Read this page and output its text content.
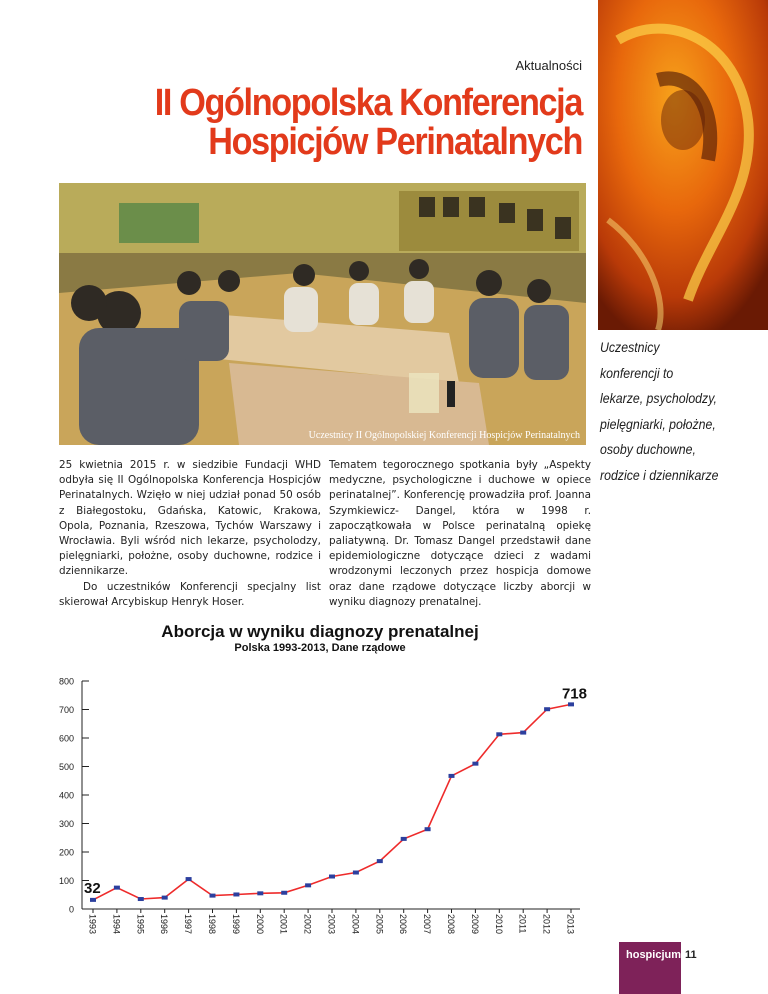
Aktualności
II Ogólnopolska Konferencja
Hospicjów Perinatalnych
Uczestnicy II Ogólnopolskiej Konferencji Hospicjów Perinatalnych
Uczestnicy
konferencji to
lekarze, psycholodzy,
pielęgniarki, położne,
osoby duchowne,
rodzice i dziennikarze

25 kwietnia 2015 r. w siedzibie Fundacji WHD odbyła się II Ogólnopolska Konferencja Hospicjów Perinatalnych. Wzięło w niej udział ponad 50 osób z Białegostoku, Gdańska, Katowic, Krakowa, Opola, Poznania, Rzeszowa, Tychów Warszawy i Wrocławia. Byli wśród nich lekarze, psycholodzy, pielęgniarki, położne, osoby duchowne, rodzice i dziennikarze.

Do uczestników Konferencji specjalny list skierował Arcybiskup Henryk Hoser.

Tematem tegorocznego spotkania były „Aspekty medyczne, psychologiczne i duchowe w opiece perinatalnej”. Konferencję prowadziła prof. Joanna Szymkiewicz- Dangel, która w 1998 r. zapoczątkowała w Polsce perinatalną opiekę paliatywną. Dr. Tomasz Dangel przedstawił dane epidemiologiczne dotyczące dzieci z wadami wrodzonymi leczonych przez hospicja domowe oraz dane rządowe dotyczące liczby aborcji w wyniku diagnozy prenatalnej.

Aborcja w wyniku diagnozy prenatalnej
Polska 1993-2013, Dane rządowe
0
100
200
300
400
500
600
700
800
1993 1994 1995 1996 1997 1998 1999 2000 2001 2002 2003 2004 2005 2006 2007 2008 2009 2010 2011 2012 2013
32
718
hospicjum 11
